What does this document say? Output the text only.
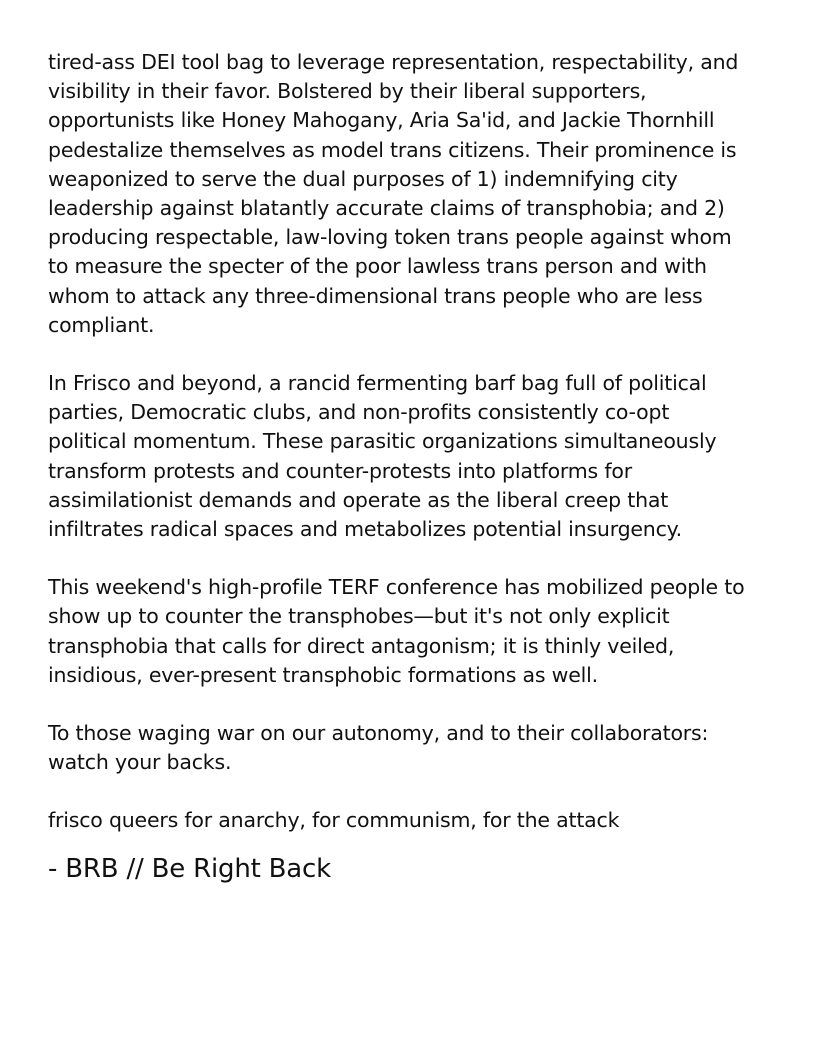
tired-ass DEI tool bag to leverage representation, respectability, and
visibility in their favor. Bolstered by their liberal supporters,
opportunists like Honey Mahogany, Aria Sa'id, and Jackie Thornhill
pedestalize themselves as model trans citizens. Their prominence is
weaponized to serve the dual purposes of 1) indemnifying city
leadership against blatantly accurate claims of transphobia; and 2)
producing respectable, law-loving token trans people against whom
to measure the specter of the poor lawless trans person and with
whom to attack any three-dimensional trans people who are less
compliant.
In Frisco and beyond, a rancid fermenting barf bag full of political
parties, Democratic clubs, and non-profits consistently co-opt
political momentum. These parasitic organizations simultaneously
transform protests and counter-protests into platforms for
assimilationist demands and operate as the liberal creep that
infiltrates radical spaces and metabolizes potential insurgency.
This weekend's high-profile TERF conference has mobilized people to
show up to counter the transphobes—but it's not only explicit
transphobia that calls for direct antagonism; it is thinly veiled,
insidious, ever-present transphobic formations as well.
To those waging war on our autonomy, and to their collaborators:
watch your backs.
frisco queers for anarchy, for communism, for the attack
- BRB // Be Right Back
